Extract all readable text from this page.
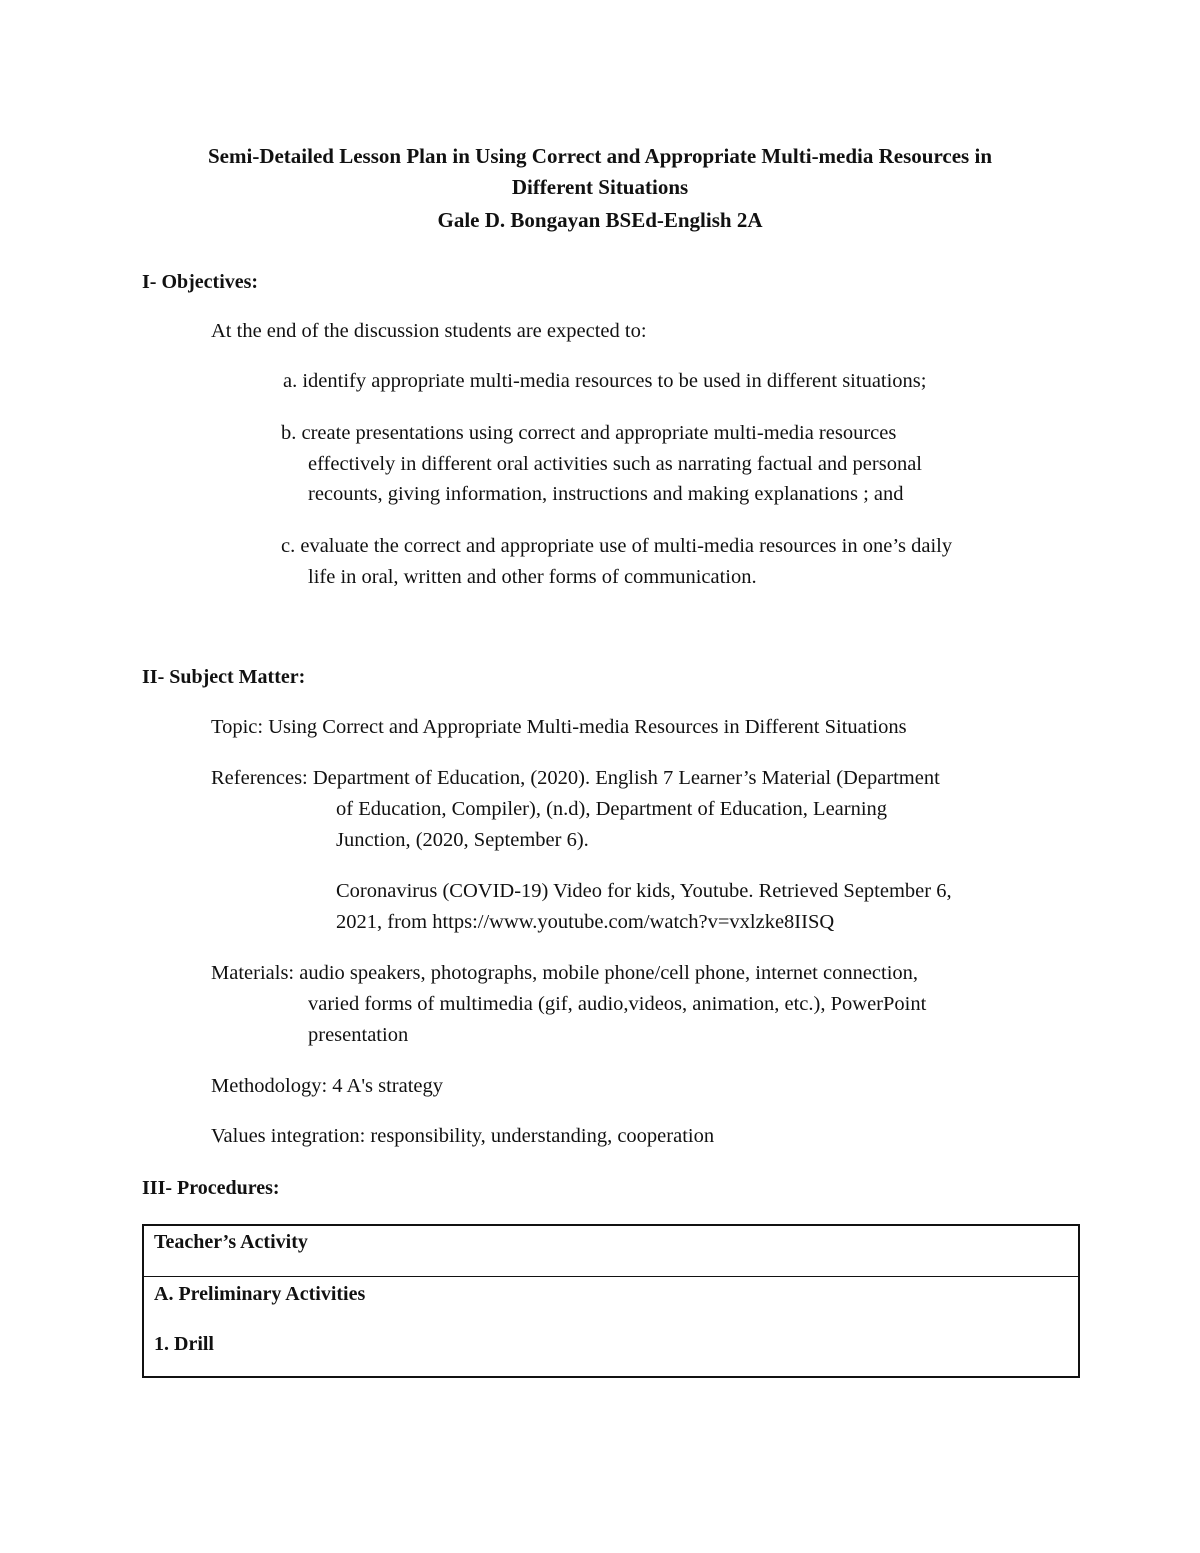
Semi-Detailed Lesson Plan in Using Correct and Appropriate Multi-media Resources in
Different Situations
Gale D. Bongayan BSEd-English 2A
I- Objectives:
At the end of the discussion students are expected to:
a. identify appropriate multi-media resources to be used in different situations;
b. create presentations using correct and appropriate multi-media resources
effectively in different oral activities such as narrating factual and personal
recounts, giving information, instructions and making explanations ; and
c. evaluate the correct and appropriate use of multi-media resources in one’s daily
life in oral, written and other forms of communication.
II- Subject Matter:
Topic: Using Correct and Appropriate Multi-media Resources in Different Situations
References: Department of Education, (2020). English 7 Learner’s Material (Department
of Education, Compiler), (n.d), Department of Education, Learning
Junction, (2020, September 6).
Coronavirus (COVID-19) Video for kids, Youtube. Retrieved September 6,
2021, from https://www.youtube.com/watch?v=vxlzke8IISQ
Materials: audio speakers, photographs, mobile phone/cell phone, internet connection,
varied forms of multimedia (gif, audio,videos, animation, etc.), PowerPoint
presentation
Methodology: 4 A's strategy
Values integration: responsibility, understanding, cooperation
III- Procedures:
Teacher’s Activity
A. Preliminary Activities
1. Drill
